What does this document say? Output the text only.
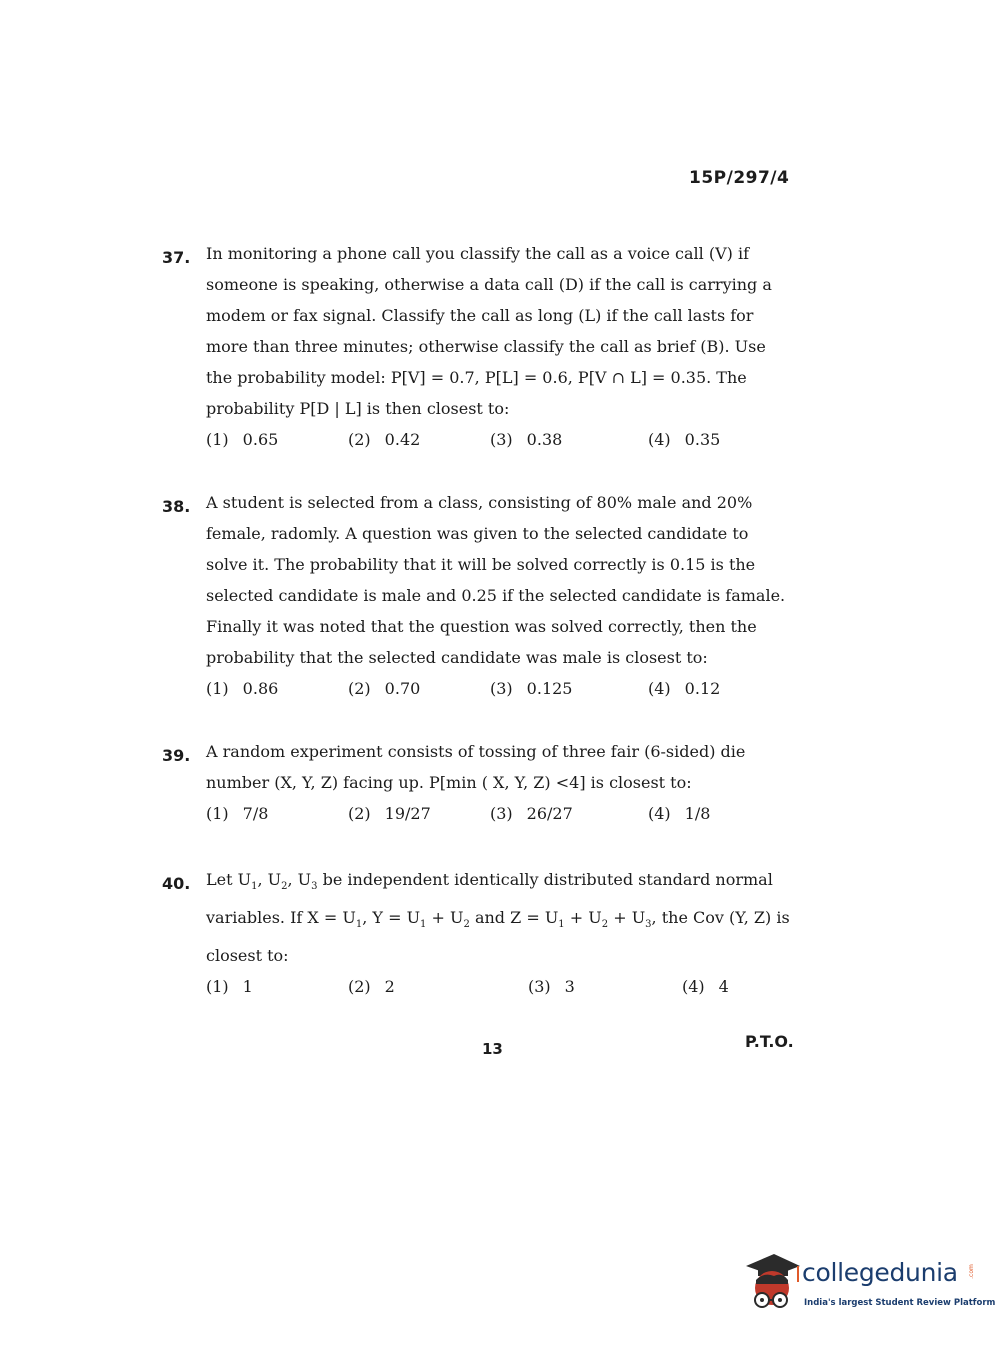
15P/297/4
37. In monitoring a phone call you classify the call as a voice call (V) if
someone is speaking, otherwise a data call (D) if the call is carrying a
modem or fax signal. Classify the call as long (L) if the call lasts for
more than three minutes; otherwise classify the call as brief (B). Use
the probability model: P[V] = 0.7, P[L] = 0.6, P[V ∩ L] = 0.35. The
probability P[D | L] is then closest to:
(1) 0.65	(2) 0.42	(3) 0.38	(4) 0.35
38. A student is selected from a class, consisting of 80% male and 20%
female, radomly. A question was given to the selected candidate to
solve it. The probability that it will be solved correctly is 0.15 is the
selected candidate is male and 0.25 if the selected candidate is famale.
Finally it was noted that the question was solved correctly, then the
probability that the selected candidate was male is closest to:
(1) 0.86	(2) 0.70	(3) 0.125	(4) 0.12
39. A random experiment consists of tossing of three fair (6-sided) die
number (X, Y, Z) facing up. P[min ( X, Y, Z) <4] is closest to:
(1) 7/8	(2) 19/27	(3) 26/27	(4) 1/8
40. Let $U_1$, $U_2$, $U_3$ be independent identically distributed standard normal
variables. If $X = U_1$, $Y = U_1 + U_2$ and $Z = U_1 + U_2 + U_3$, the Cov (Y, Z) is
closest to:
(1) 1	(2) 2	(3) 3	(4) 4
13	P.T.O.
collegedunia .com
India's largest Student Review Platform
